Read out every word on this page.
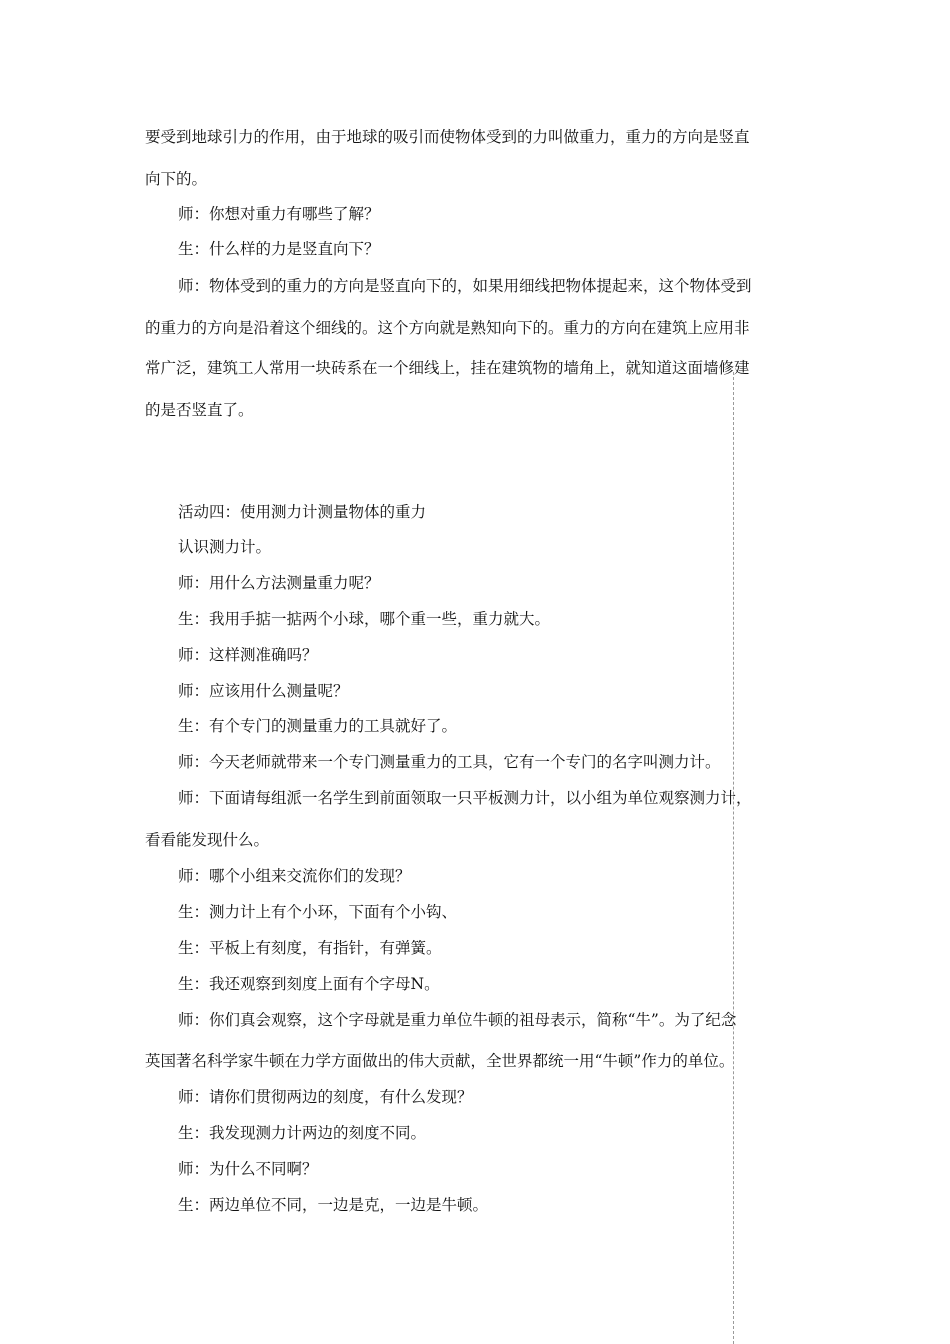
要受到地球引力的作用，由于地球的吸引而使物体受到的力叫做重力，重力的方向是竖直
向下的。
师：你想对重力有哪些了解？
生：什么样的力是竖直向下？
师：物体受到的重力的方向是竖直向下的，如果用细线把物体提起来，这个物体受到
的重力的方向是沿着这个细线的。这个方向就是熟知向下的。重力的方向在建筑上应用非
常广泛，建筑工人常用一块砖系在一个细线上，挂在建筑物的墙角上，就知道这面墙修建
的是否竖直了。
活动四：使用测力计测量物体的重力
认识测力计。
师：用什么方法测量重力呢？
生：我用手掂一掂两个小球，哪个重一些，重力就大。
师：这样测准确吗？
师：应该用什么测量呢？
生：有个专门的测量重力的工具就好了。
师：今天老师就带来一个专门测量重力的工具，它有一个专门的名字叫测力计。
师：下面请每组派一名学生到前面领取一只平板测力计，以小组为单位观察测力计，
看看能发现什么。
师：哪个小组来交流你们的发现？
生：测力计上有个小环，下面有个小钩、
生：平板上有刻度，有指针，有弹簧。
生：我还观察到刻度上面有个字母N。
师：你们真会观察，这个字母就是重力单位牛顿的祖母表示，简称“牛”。为了纪念
英国著名科学家牛顿在力学方面做出的伟大贡献，全世界都统一用“牛顿”作力的单位。
师：请你们贯彻两边的刻度，有什么发现？
生：我发现测力计两边的刻度不同。
师：为什么不同啊？
生：两边单位不同，一边是克，一边是牛顿。
